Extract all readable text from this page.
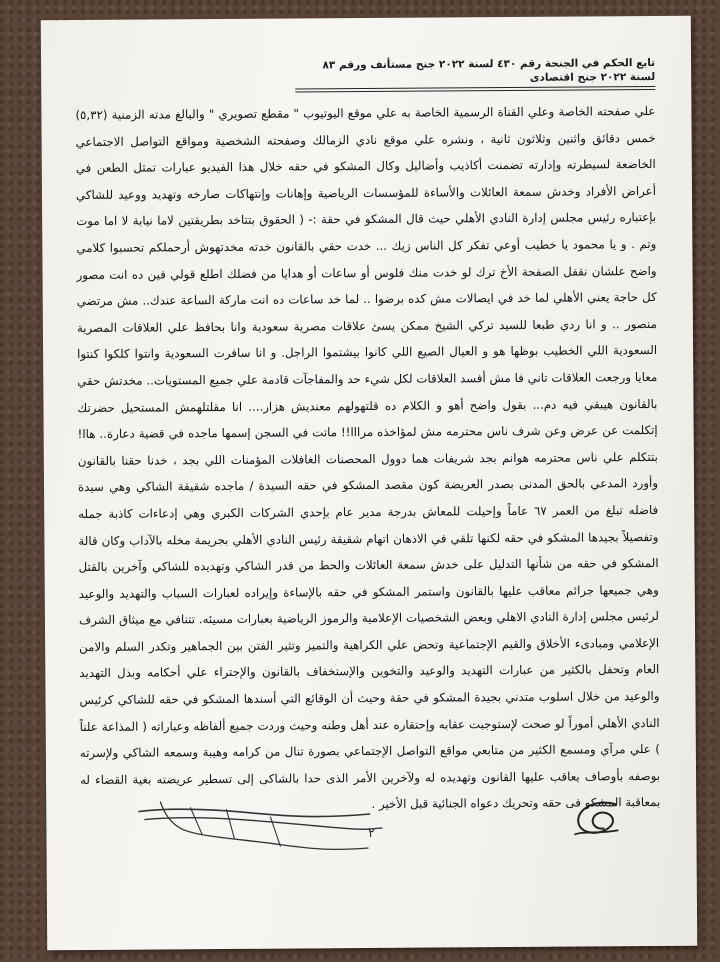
تابع الحكم في الجنحة رقم ٤٣٠ لسنة ٢٠٢٢ جنح مستأنف ورقم ٨٣ لسنة ٢٠٢٢ جنح اقتصادى

علي صفحته الخاصة وعلي القناة الرسمية الخاصة به علي موقع اليوتيوب " مقطع تصويري " والبالغ مدته الزمنية (٥,٣٢) خمس دقائق واثنين وثلاثون ثانية ، ونشره علي موقع نادي الزمالك وصفحته الشخصية ومواقع التواصل الاجتماعي الخاضعة لسيطرته وإدارته تضمنت أكاذيب وأضاليل وكال المشكو في حقه خلال هذا الفيديو عبارات تمثل الطعن في أعراض الأفراد وخدش سمعة العائلات والأساءة للمؤسسات الرياضية وإهانات وإنتهاكات صارخه وتهديد ووعيد للشاكي بإعتباره رئيس مجلس إدارة النادي الأهلي حيث قال المشكو في حقة :- ( الحقوق بتتاخد بطريقتين لاما نيابة لا اما موت وتم . و يا محمود يا خطيب أوعي تفكر كل الناس زيك ... خدت حقي بالقانون خدته مخدتهوش أرحملكم تحسبوا كلامي واضح علشان نقفل الصفحة الأخ ترك لو خدت منك فلوس أو ساعات أو هدايا من فضلك اطلع قولي فين ده انت مصور كل حاجة يعني الأهلي لما خد في ايصالات مش كده برضوا .. لما خد ساعات ده انت ماركة الساعة عندك.. مش مرتضي منصور .. و انا ردي طبعا للسيد تركي الشيخ ممكن يسئ علاقات مصرية سعودية وانا بحافظ علي العلاقات المصرية السعودية اللي الخطيب بوظها هو و العيال الصيع اللي كانوا بيشتموا الراجل. و انا سافرت السعودية وانتوا كلكوا كنتوا معايا ورجعت العلاقات تاني فا مش أفسد العلاقات لكل شيء حد والمفاجآت قادمة علي جميع المستويات.. مخدتش حقي بالقانون هيبقي فيه دم... بقول واضح أهو و الكلام ده قلتهولهم معنديش هزار.... انا مقلتلهمش المستحيل حضرتك إتكلمت عن عرض وعن شرف ناس محترمه مش لمؤاخذه مرااا!! ماتت في السجن إسمها ماجده في قضية دعارة.. هاا! بتتكلم علي ناس محترمه هوانم بجد شريفات هما دوول المحصنات الغافلات المؤمنات اللي بجد ، خدنا حقنا بالقانون وأورد المدعي بالحق المدنى بصدر العريضة كون مقصد المشكو في حقه السيدة / ماجده شقيقة الشاكي وهي سيدة فاضله تبلغ من العمر ٦٧ عاماً وإحيلت للمعاش بدرجة مدير عام بإحدي الشركات الكبري وهي إدعاءات كاذبة جمله وتفصيلاً بجيدها المشكو في حقه لكنها تلقي في الاذهان اتهام شقيقة رئيس النادي الأهلي بجريمة مخله بالآداب وكان قالة المشكو في حقه من شأنها التدليل على خدش سمعة العائلات والحط من قدر الشاكي وتهديده للشاكي وآخرين بالقتل وهي جميعها جرائم معاقب عليها بالقانون واستمر المشكو في حقه بالإساءة وإيراده لعبارات السباب والتهديد والوعيد لرئيس مجلس إدارة النادي الاهلي وبعض الشخصيات الإعلامية والرموز الرياضية بعبارات مسيئه. تتنافي مع ميثاق الشرف الإعلامي ومبادىء الأخلاق والقيم الإجتماعية وتحض علي الكراهية والتميز وتثير الفتن بين الجماهير وتكدر السلم والامن العام وتحفل بالكثير من عبارات التهديد والوعيد والتخوين والإستخفاف بالقانون والإجتراء علي أحكامه وبذل التهديد والوعيد من خلال اسلوب متدني بجيدة المشكو في حقة وحيث أن الوقائع التي أسندها المشكو في حقه للشاكي كرئيس النادي الأهلي أموراً لو صحت لإستوجبت عقابه وإحتقاره عند أهل وطنه وحيث وردت جميع ألفاظه وعباراته ( المذاعة علناً ) علي مرآي ومسمع الكثير من متابعي مواقع التواصل الإجتماعي بصورة تنال من كرامه وهيبة وسمعه الشاكي ولإسرته بوصفه بأوصاف يعاقب عليها القانون وتهديده له ولآخرين الأمر الذى حدا بالشاكى إلى تسطير عريضته بغية القضاء له بمعاقبة المشكو فى حقه وتحريك دعواه الجنائية قبل الأخير .

٢
